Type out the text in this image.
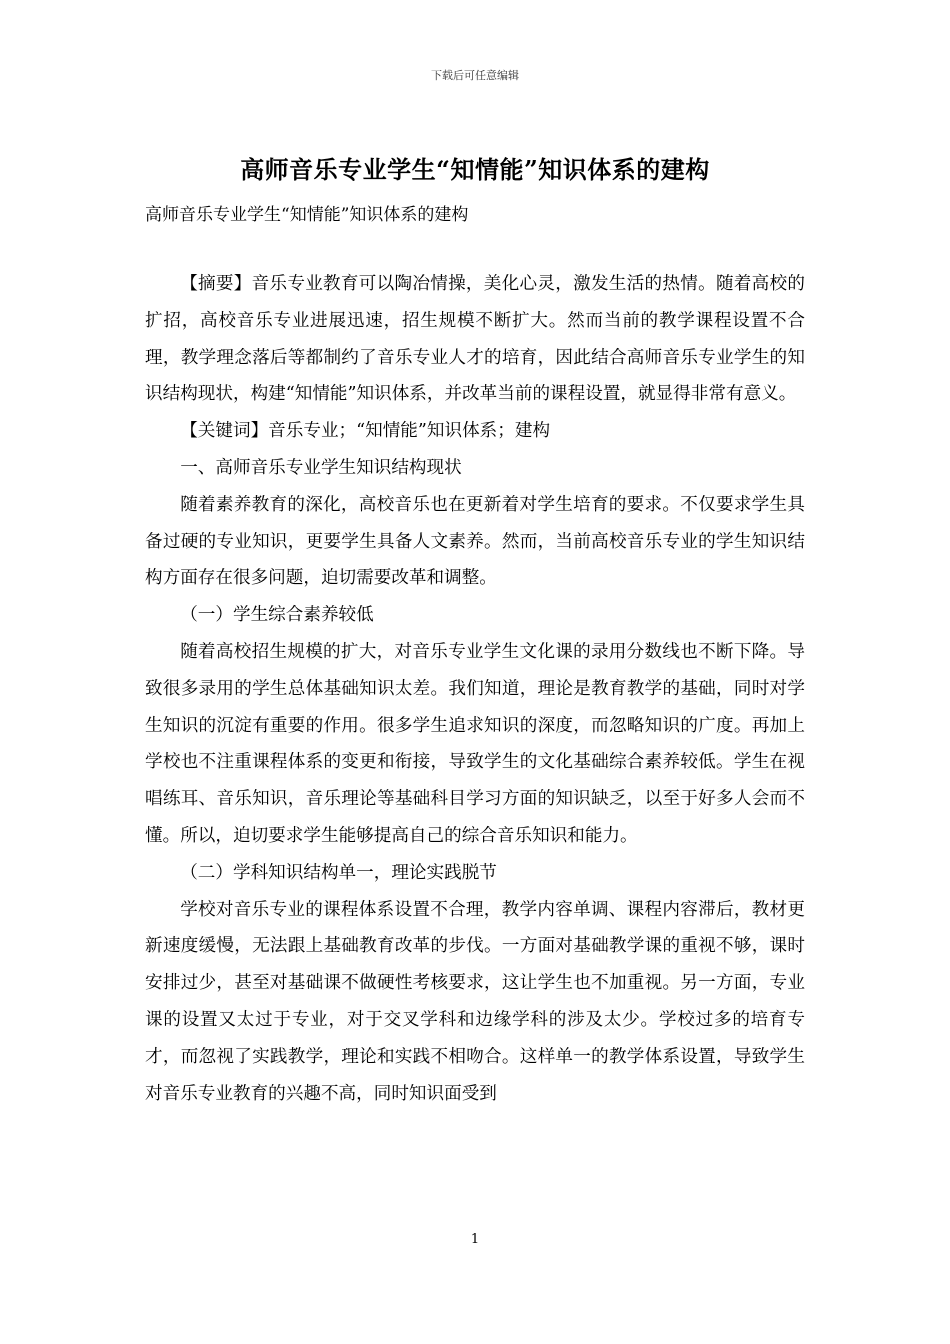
下载后可任意编辑
高师音乐专业学生“知情能”知识体系的建构
高师音乐专业学生“知情能”知识体系的建构

【摘要】音乐专业教育可以陶冶情操，美化心灵，激发生活的热情。随着高校的扩招，高校音乐专业进展迅速，招生规模不断扩大。然而当前的教学课程设置不合理，教学理念落后等都制约了音乐专业人才的培育，因此结合高师音乐专业学生的知识结构现状，构建“知情能”知识体系，并改革当前的课程设置，就显得非常有意义。

【关键词】音乐专业；“知情能”知识体系；建构

一、高师音乐专业学生知识结构现状

随着素养教育的深化，高校音乐也在更新着对学生培育的要求。不仅要求学生具备过硬的专业知识，更要学生具备人文素养。然而，当前高校音乐专业的学生知识结构方面存在很多问题，迫切需要改革和调整。

（一）学生综合素养较低

随着高校招生规模的扩大，对音乐专业学生文化课的录用分数线也不断下降。导致很多录用的学生总体基础知识太差。我们知道，理论是教育教学的基础，同时对学生知识的沉淀有重要的作用。很多学生追求知识的深度，而忽略知识的广度。再加上学校也不注重课程体系的变更和衔接，导致学生的文化基础综合素养较低。学生在视唱练耳、音乐知识，音乐理论等基础科目学习方面的知识缺乏，以至于好多人会而不懂。所以，迫切要求学生能够提高自己的综合音乐知识和能力。

（二）学科知识结构单一，理论实践脱节

学校对音乐专业的课程体系设置不合理，教学内容单调、课程内容滞后，教材更新速度缓慢，无法跟上基础教育改革的步伐。一方面对基础教学课的重视不够，课时安排过少，甚至对基础课不做硬性考核要求，这让学生也不加重视。另一方面，专业课的设置又太过于专业，对于交叉学科和边缘学科的涉及太少。学校过多的培育专才，而忽视了实践教学，理论和实践不相吻合。这样单一的教学体系设置，导致学生对音乐专业教育的兴趣不高，同时知识面受到

1
